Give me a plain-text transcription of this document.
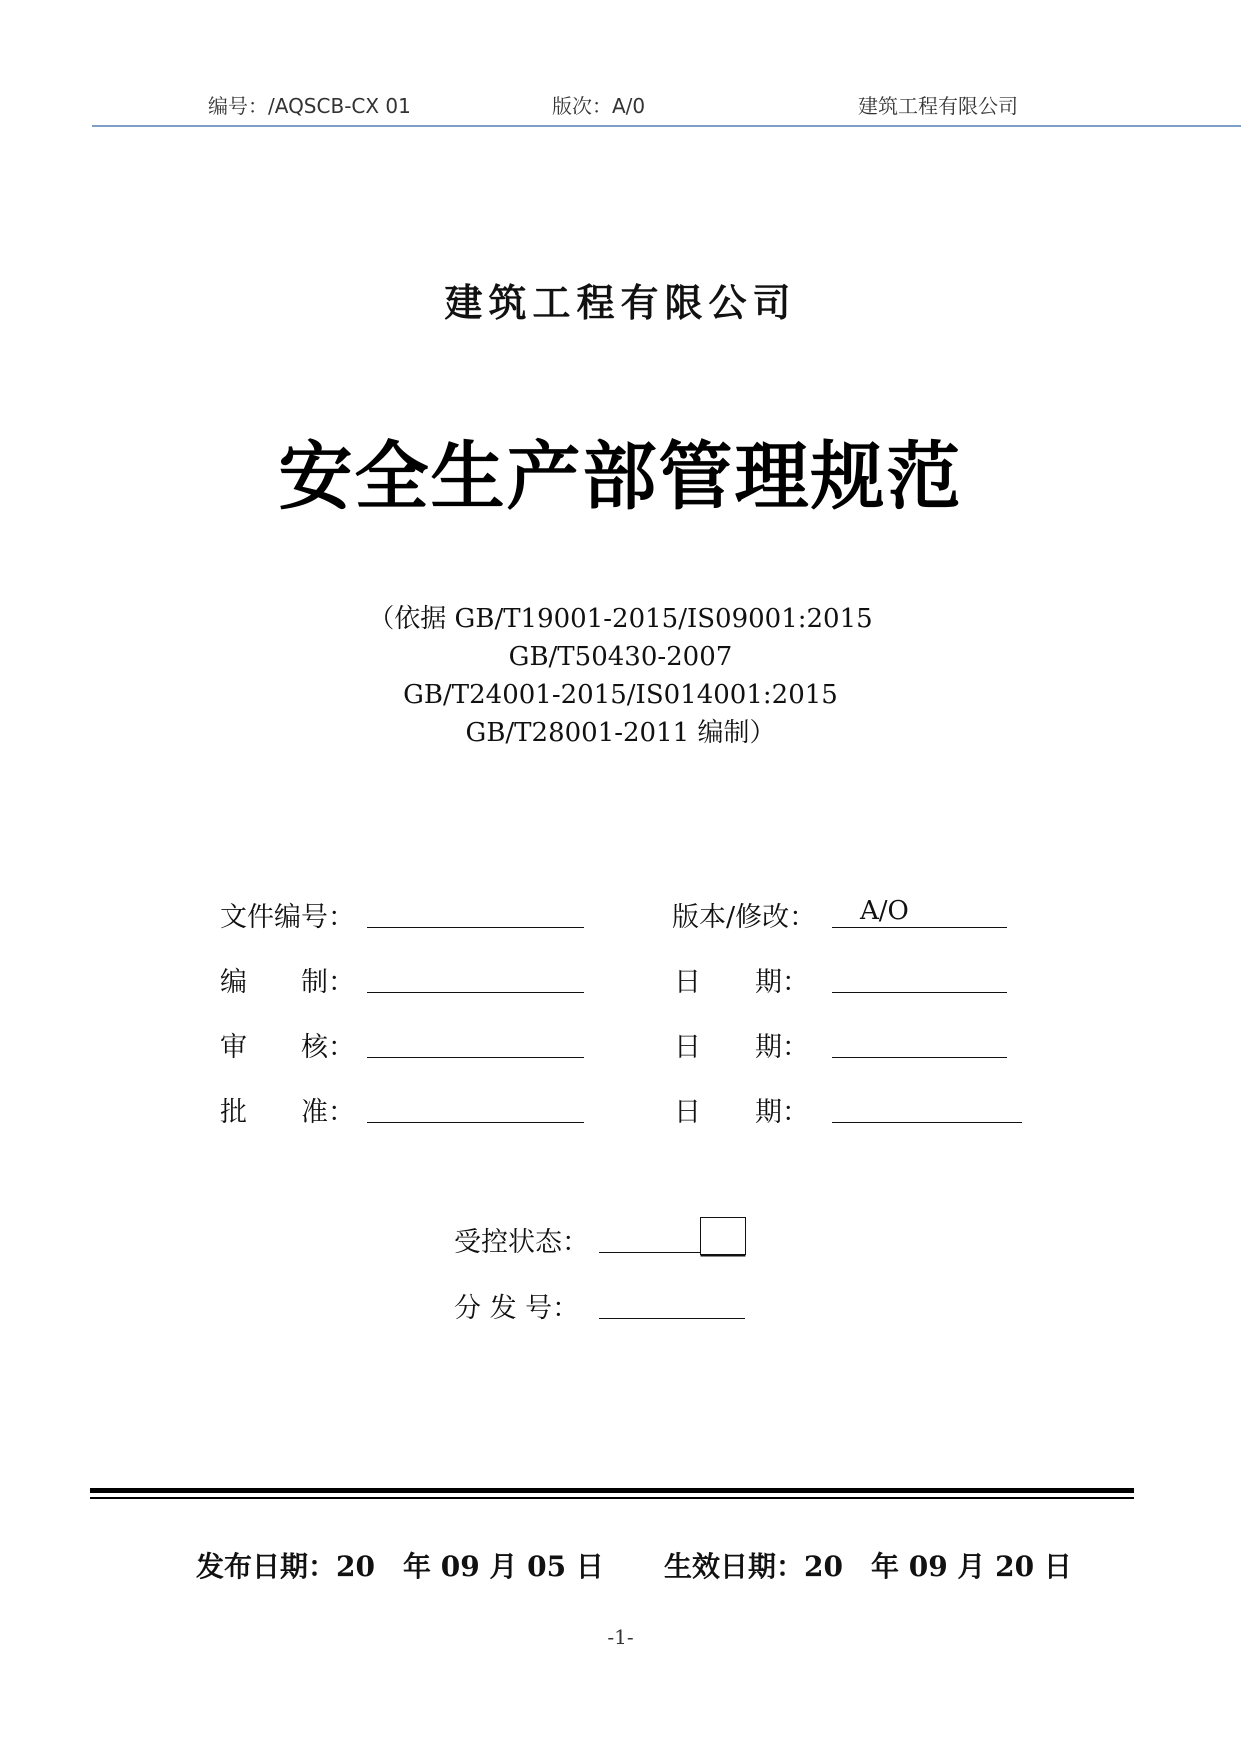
编号：/AQSCB-CX 01	版次：A/0	建筑工程有限公司
建筑工程有限公司
安全生产部管理规范
（依据 GB/T19001-2015/IS09001:2015
GB/T50430-2007
GB/T24001-2015/IS014001:2015
GB/T28001-2011 编制）
文件编号：	版本/修改： A/O
编　　制：	日　　期：
审　　核：	日　　期：
批　　准：	日　　期：
受控状态：
分 发 号：
发布日期：20　年 09 月 05 日 生效日期：20　年 09 月 20 日
-1-
